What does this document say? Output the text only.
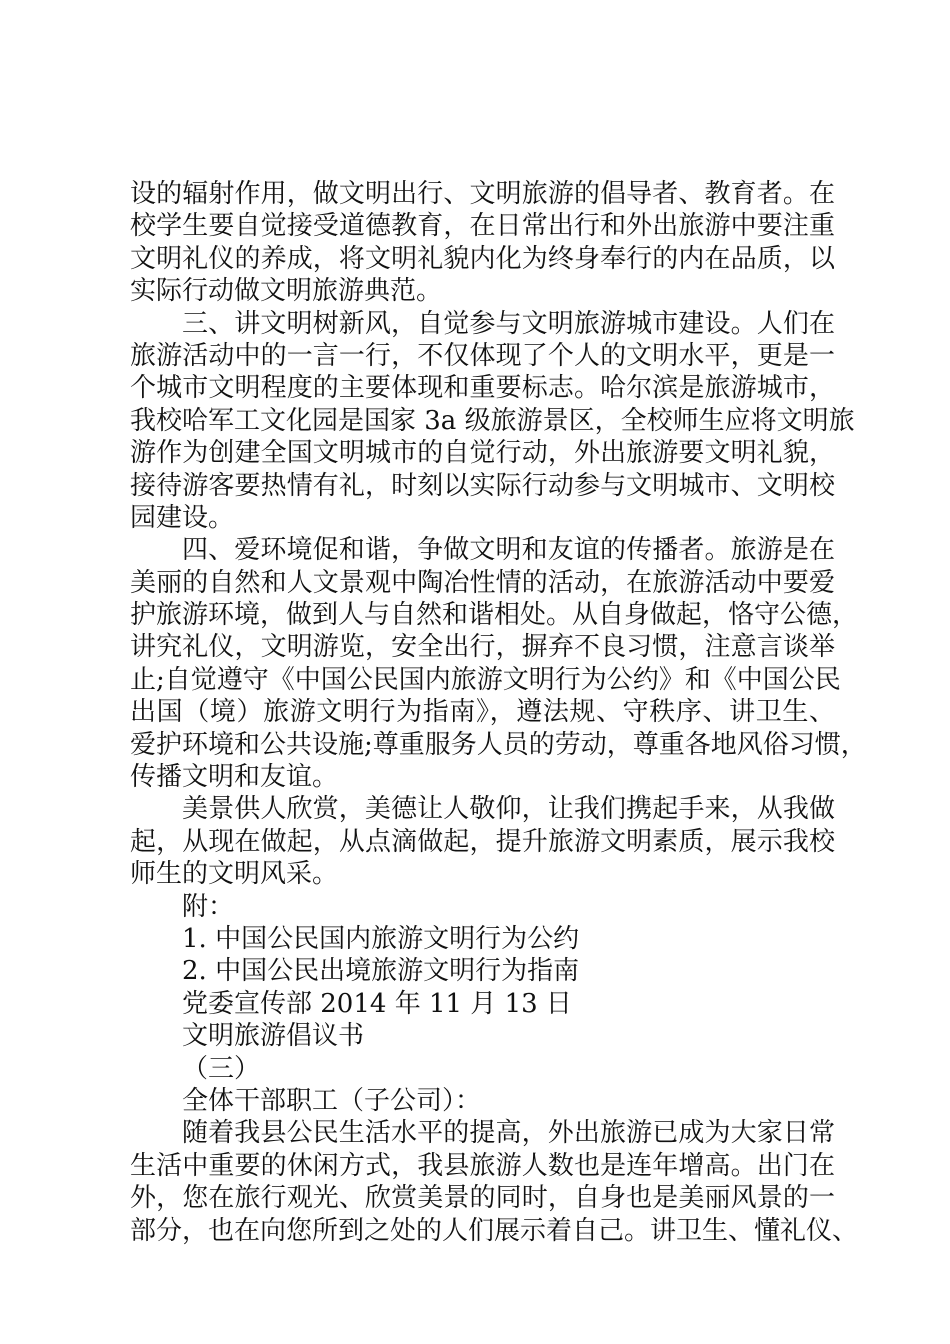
设的辐射作用，做文明出行、文明旅游的倡导者、教育者。在
校学生要自觉接受道德教育，在日常出行和外出旅游中要注重
文明礼仪的养成，将文明礼貌内化为终身奉行的内在品质，以
实际行动做文明旅游典范。
三、讲文明树新风，自觉参与文明旅游城市建设。人们在
旅游活动中的一言一行，不仅体现了个人的文明水平，更是一
个城市文明程度的主要体现和重要标志。哈尔滨是旅游城市，
我校哈军工文化园是国家 3a 级旅游景区，全校师生应将文明旅
游作为创建全国文明城市的自觉行动，外出旅游要文明礼貌，
接待游客要热情有礼，时刻以实际行动参与文明城市、文明校
园建设。
四、爱环境促和谐，争做文明和友谊的传播者。旅游是在
美丽的自然和人文景观中陶冶性情的活动，在旅游活动中要爱
护旅游环境，做到人与自然和谐相处。从自身做起，恪守公德，
讲究礼仪，文明游览，安全出行，摒弃不良习惯，注意言谈举
止;自觉遵守《中国公民国内旅游文明行为公约》和《中国公民
出国（境）旅游文明行为指南》，遵法规、守秩序、讲卫生、
爱护环境和公共设施;尊重服务人员的劳动，尊重各地风俗习惯，
传播文明和友谊。
美景供人欣赏，美德让人敬仰，让我们携起手来，从我做
起，从现在做起，从点滴做起，提升旅游文明素质，展示我校
师生的文明风采。
附：
1. 中国公民国内旅游文明行为公约
2. 中国公民出境旅游文明行为指南
党委宣传部 2014 年 11 月 13 日
文明旅游倡议书
（三）
全体干部职工（子公司）：
随着我县公民生活水平的提高，外出旅游已成为大家日常
生活中重要的休闲方式，我县旅游人数也是连年增高。出门在
外，您在旅行观光、欣赏美景的同时，自身也是美丽风景的一
部分，也在向您所到之处的人们展示着自己。讲卫生、懂礼仪、
